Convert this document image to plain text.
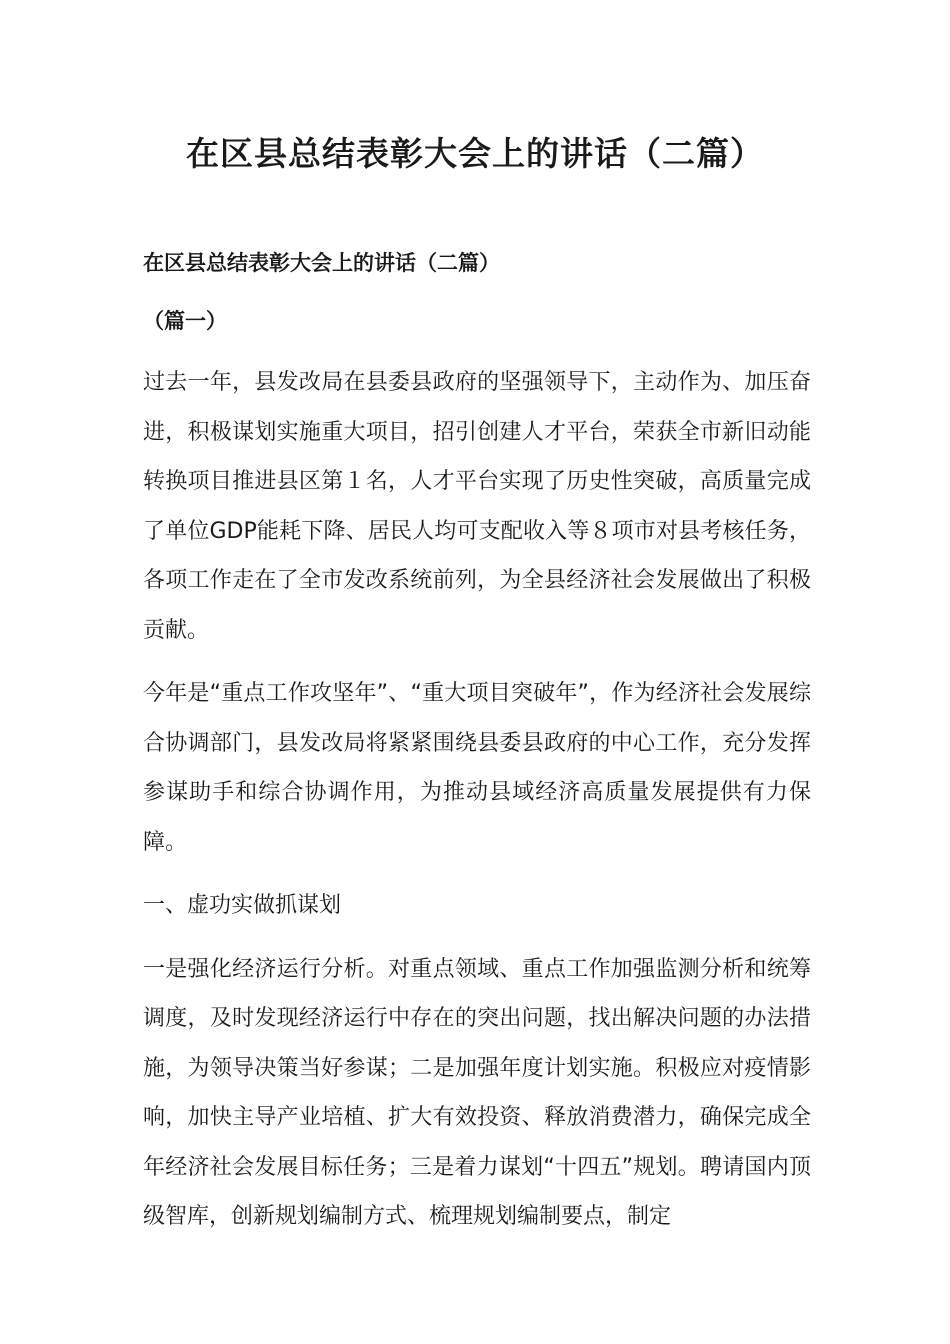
在区县总结表彰大会上的讲话（二篇）

在区县总结表彰大会上的讲话（二篇）

（篇一）

过去一年，县发改局在县委县政府的坚强领导下，主动作为、加压奋进，积极谋划实施重大项目，招引创建人才平台，荣获全市新旧动能转换项目推进县区第１名，人才平台实现了历史性突破，高质量完成了单位GDP能耗下降、居民人均可支配收入等８项市对县考核任务，各项工作走在了全市发改系统前列，为全县经济社会发展做出了积极贡献。

今年是“重点工作攻坚年”、“重大项目突破年”，作为经济社会发展综合协调部门，县发改局将紧紧围绕县委县政府的中心工作，充分发挥参谋助手和综合协调作用，为推动县域经济高质量发展提供有力保障。

一、虚功实做抓谋划

一是强化经济运行分析。对重点领域、重点工作加强监测分析和统筹调度，及时发现经济运行中存在的突出问题，找出解决问题的办法措施，为领导决策当好参谋；二是加强年度计划实施。积极应对疫情影响，加快主导产业培植、扩大有效投资、释放消费潜力，确保完成全年经济社会发展目标任务；三是着力谋划“十四五”规划。聘请国内顶级智库，创新规划编制方式、梳理规划编制要点，制定
